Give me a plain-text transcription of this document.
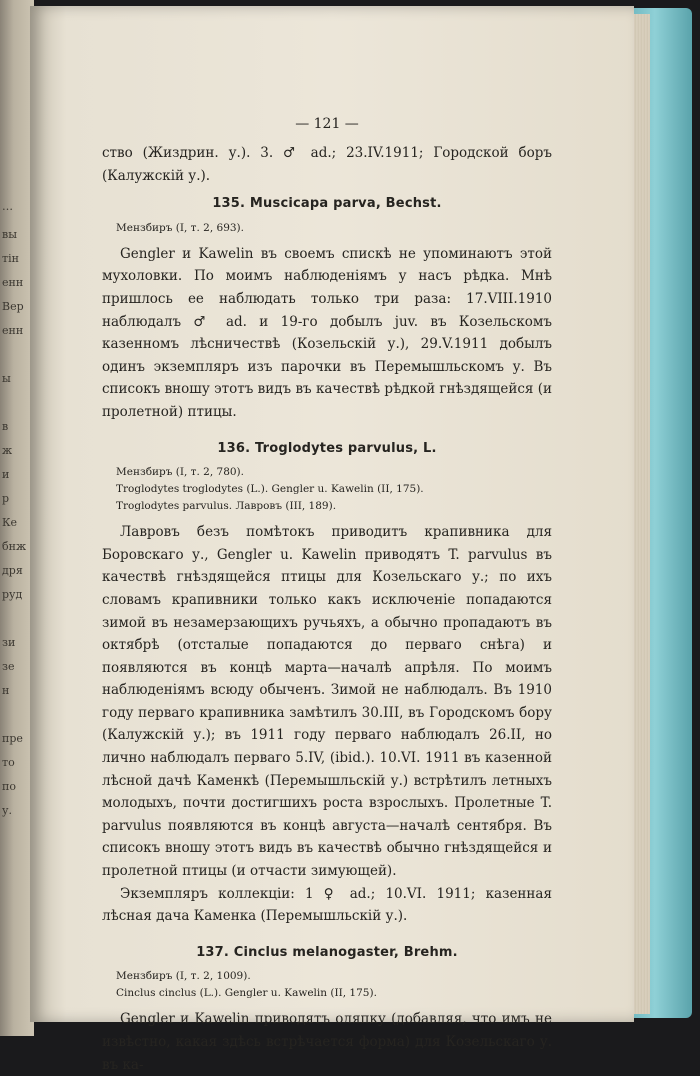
…
вы
тін
енн
Вер
енн
ы
в
ж
и
р
Ке
бнж
дря
руд
зи
зе
н
пре
то
по
у.
— 121 —

ство (Жиздрин. у.). 3. ♂ ad.; 23.IV.1911; Городской боръ (Калужскій у.).

135. Muscicapa parva, Bechst.
Мензбиръ (I, т. 2, 693).

Gengler и Kawelin въ своемъ спискѣ не упоминаютъ этой мухоловки. По моимъ наблюденіямъ у насъ рѣдка. Мнѣ пришлось ее наблюдать только три раза: 17.VIII.1910 наблюдалъ ♂ ad. и 19-го добылъ juv. въ Козельскомъ казенномъ лѣсничествѣ (Козельскій у.), 29.V.1911 добылъ одинъ экземпляръ изъ парочки въ Перемышльскомъ у. Въ списокъ вношу этотъ видъ въ качествѣ рѣдкой гнѣздящейся (и пролетной) птицы.

136. Troglodytes parvulus, L.
Мензбиръ (I, т. 2, 780).
Troglodytes troglodytes (L.). Gengler u. Kawelin (II, 175).
Troglodytes parvulus. Лавровъ (III, 189).

Лавровъ безъ помѣтокъ приводитъ крапивника для Боровскаго у., Gengler u. Kawelin приводятъ T. parvulus въ качествѣ гнѣздящейся птицы для Козельскаго у.; по ихъ словамъ крапивники только какъ исключеніе попадаются зимой въ незамерзающихъ ручьяхъ, а обычно пропадаютъ въ октябрѣ (отсталые попадаются до перваго снѣга) и появляются въ концѣ марта—началѣ апрѣля. По моимъ наблюденіямъ всюду обыченъ. Зимой не наблюдалъ. Въ 1910 году перваго крапивника замѣтилъ 30.III, въ Городскомъ бору (Калужскій у.); въ 1911 году перваго наблюдалъ 26.II, но лично наблюдалъ перваго 5.IV, (ibid.). 10.VI. 1911 въ казенной лѣсной дачѣ Каменкѣ (Перемышльскій у.) встрѣтилъ летныхъ молодыхъ, почти достигшихъ роста взрослыхъ. Пролетные T. parvulus появляются въ концѣ августа—началѣ сентября. Въ списокъ вношу этотъ видъ въ качествѣ обычно гнѣздящейся и пролетной птицы (и отчасти зимующей).

Экземпляръ коллекціи: 1 ♀ ad.; 10.VI. 1911; казенная лѣсная дача Каменка (Перемышльскій у.).

137. Cinclus melanogaster, Brehm.
Мензбиръ (I, т. 2, 1009).
Cinclus cinclus (L.). Gengler u. Kawelin (II, 175).

Gengler и Kawelin приводятъ оляпку (добавляя, что имъ не извѣстно, какая здѣсь встрѣчается форма) для Козельскаго у. въ ка-
